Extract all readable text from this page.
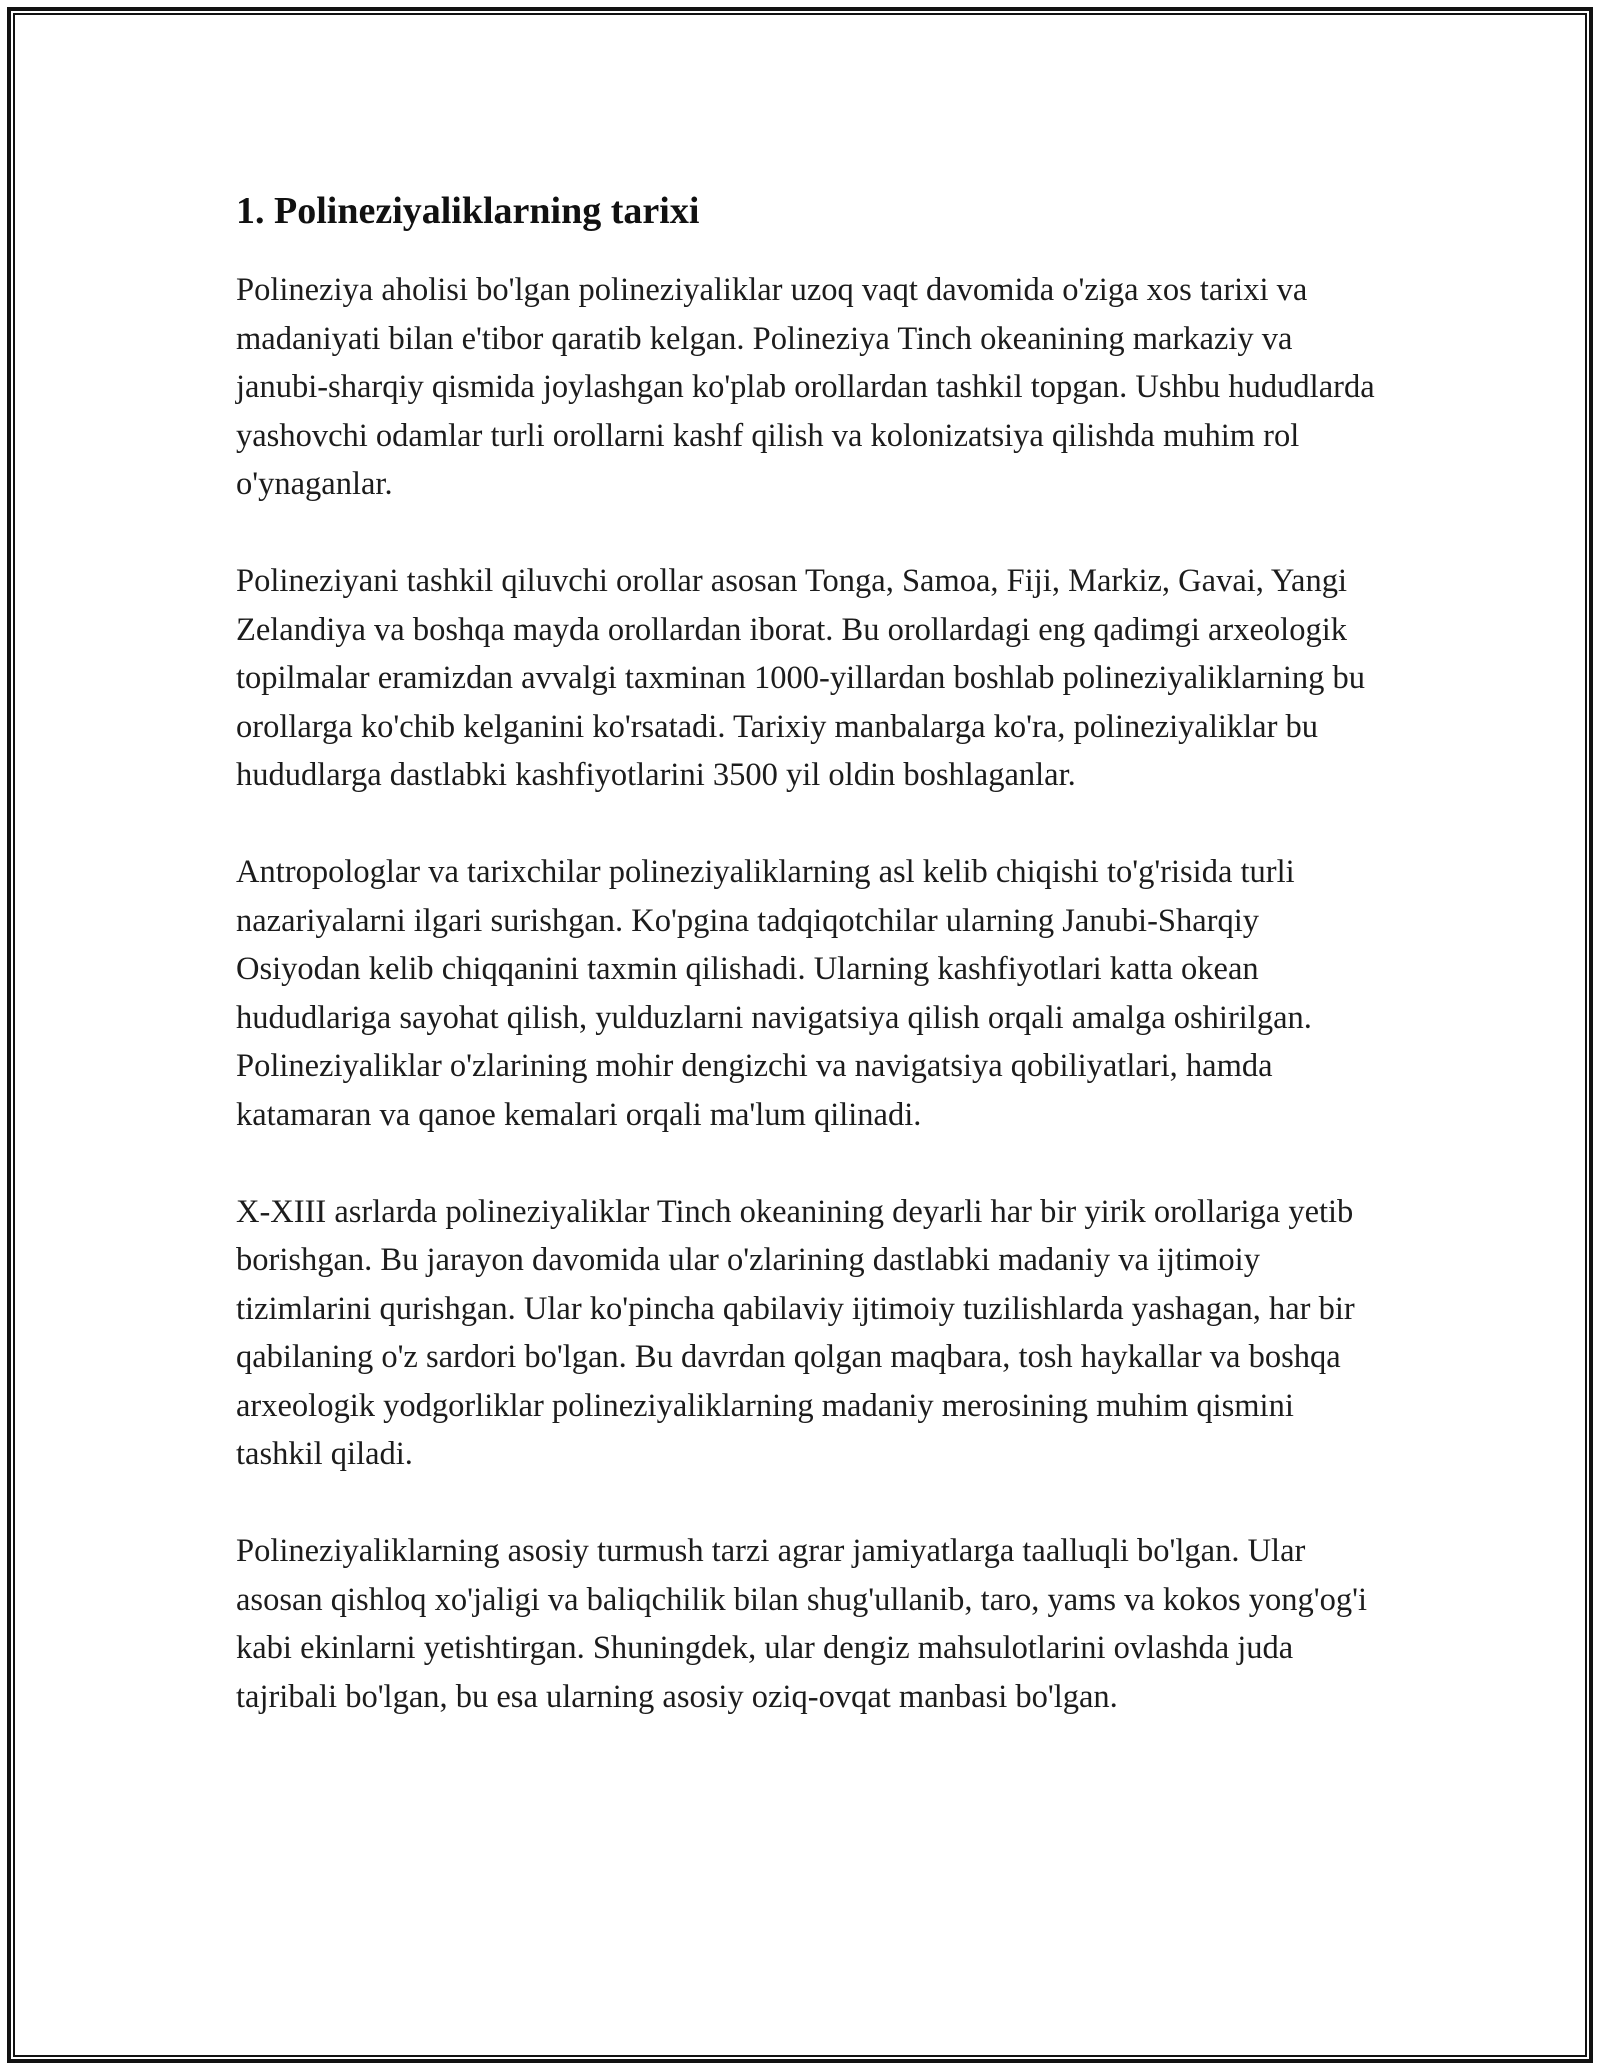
1. Polineziyaliklarning tarixi

Polineziya aholisi bo'lgan polineziyaliklar uzoq vaqt davomida o'ziga xos tarixi va madaniyati bilan e'tibor qaratib kelgan. Polineziya Tinch okeanining markaziy va janubi-sharqiy qismida joylashgan ko'plab orollardan tashkil topgan. Ushbu hududlarda yashovchi odamlar turli orollarni kashf qilish va kolonizatsiya qilishda muhim rol o'ynaganlar.

Polineziyani tashkil qiluvchi orollar asosan Tonga, Samoa, Fiji, Markiz, Gavai, Yangi Zelandiya va boshqa mayda orollardan iborat. Bu orollardagi eng qadimgi arxeologik topilmalar eramizdan avvalgi taxminan 1000-yillardan boshlab polineziyaliklarning bu orollarga ko'chib kelganini ko'rsatadi. Tarixiy manbalarga ko'ra, polineziyaliklar bu hududlarga dastlabki kashfiyotlarini 3500 yil oldin boshlaganlar.

Antropologlar va tarixchilar polineziyaliklarning asl kelib chiqishi to'g'risida turli nazariyalarni ilgari surishgan. Ko'pgina tadqiqotchilar ularning Janubi-Sharqiy Osiyodan kelib chiqqanini taxmin qilishadi. Ularning kashfiyotlari katta okean hududlariga sayohat qilish, yulduzlarni navigatsiya qilish orqali amalga oshirilgan. Polineziyaliklar o'zlarining mohir dengizchi va navigatsiya qobiliyatlari, hamda katamaran va qanoe kemalari orqali ma'lum qilinadi.

X-XIII asrlarda polineziyaliklar Tinch okeanining deyarli har bir yirik orollariga yetib borishgan. Bu jarayon davomida ular o'zlarining dastlabki madaniy va ijtimoiy tizimlarini qurishgan. Ular ko'pincha qabilaviy ijtimoiy tuzilishlarda yashagan, har bir qabilaning o'z sardori bo'lgan. Bu davrdan qolgan maqbara, tosh haykallar va boshqa arxeologik yodgorliklar polineziyaliklarning madaniy merosining muhim qismini tashkil qiladi.

Polineziyaliklarning asosiy turmush tarzi agrar jamiyatlarga taalluqli bo'lgan. Ular asosan qishloq xo'jaligi va baliqchilik bilan shug'ullanib, taro, yams va kokos yong'og'i kabi ekinlarni yetishtirgan. Shuningdek, ular dengiz mahsulotlarini ovlashda juda tajribali bo'lgan, bu esa ularning asosiy oziq-ovqat manbasi bo'lgan.
